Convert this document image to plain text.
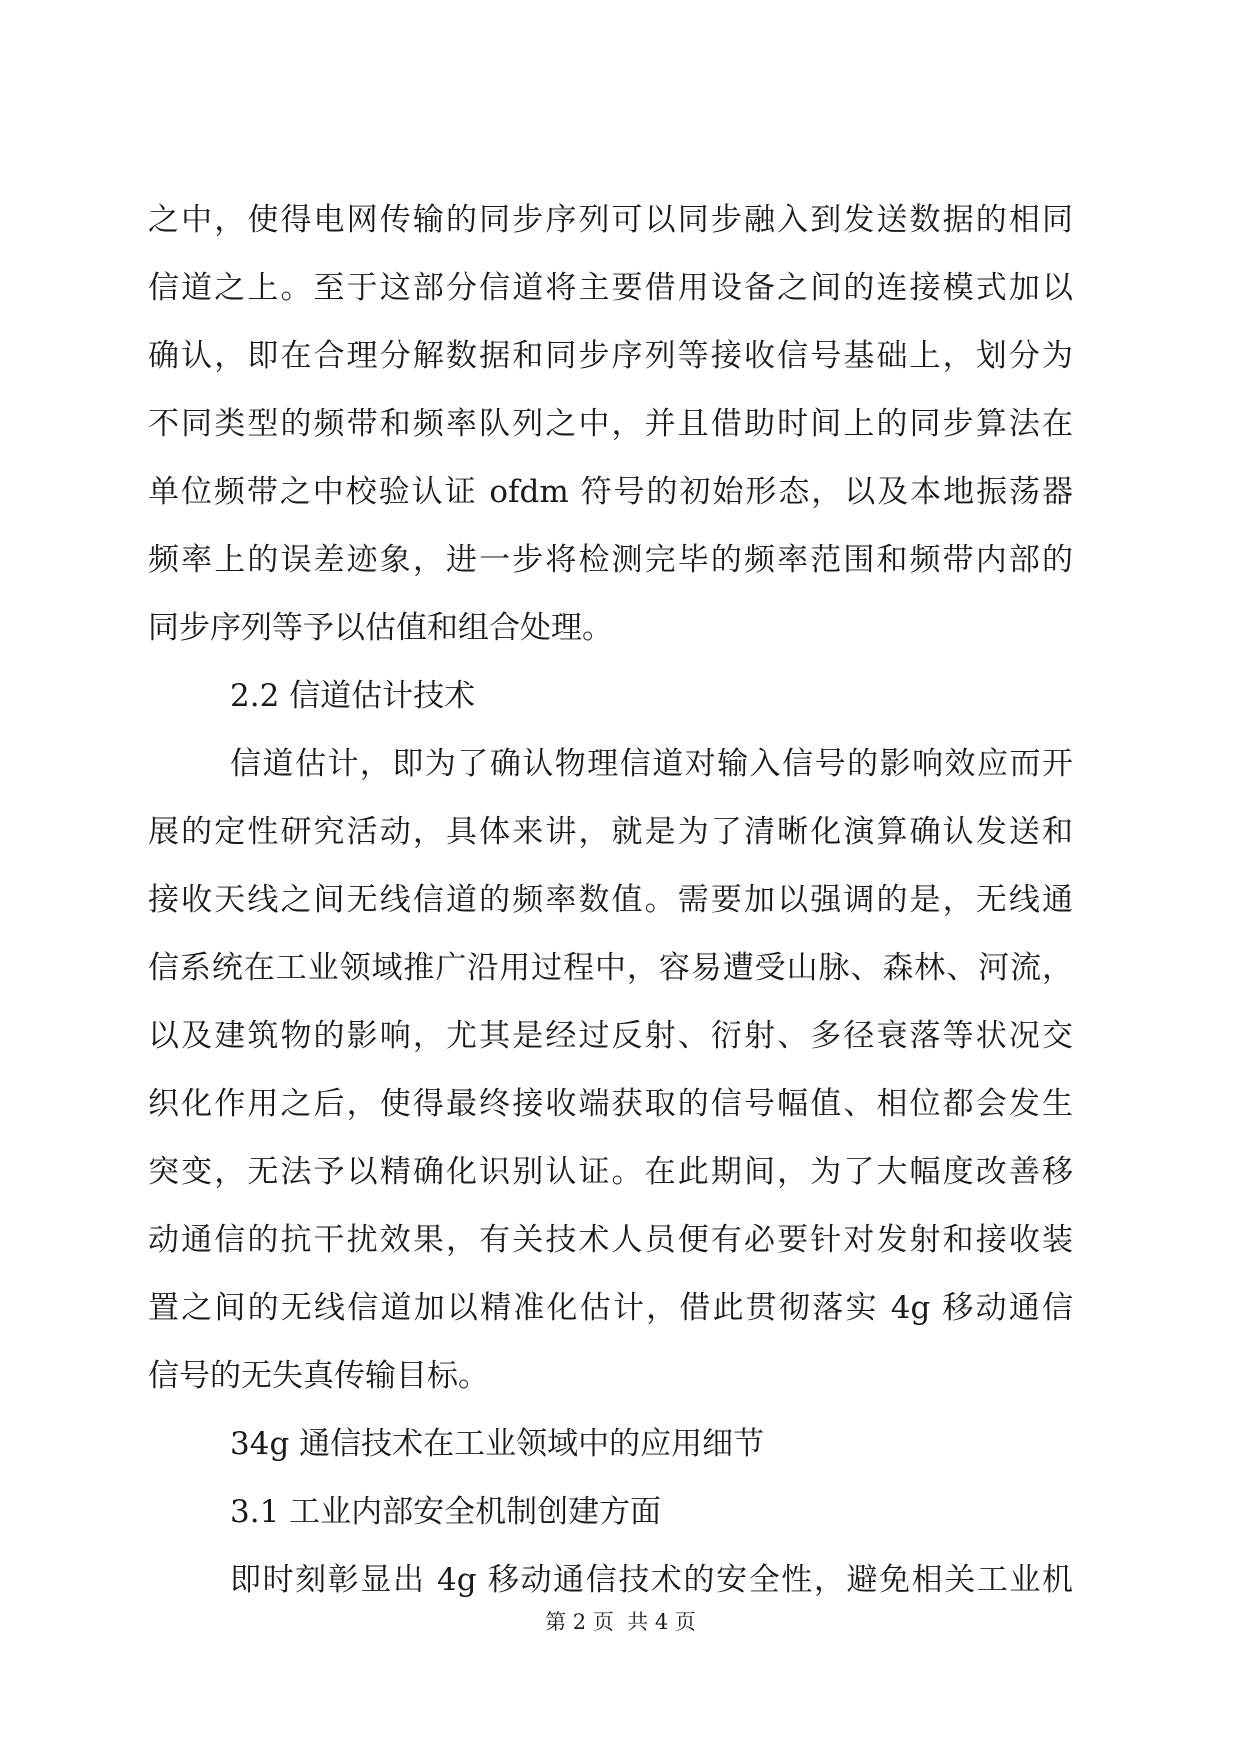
之中，使得电网传输的同步序列可以同步融入到发送数据的相同
信道之上。至于这部分信道将主要借用设备之间的连接模式加以
确认，即在合理分解数据和同步序列等接收信号基础上，划分为
不同类型的频带和频率队列之中，并且借助时间上的同步算法在
单位频带之中校验认证 ofdm 符号的初始形态，以及本地振荡器
频率上的误差迹象，进一步将检测完毕的频率范围和频带内部的
同步序列等予以估值和组合处理。
2.2 信道估计技术
信道估计，即为了确认物理信道对输入信号的影响效应而开
展的定性研究活动，具体来讲，就是为了清晰化演算确认发送和
接收天线之间无线信道的频率数值。需要加以强调的是，无线通
信系统在工业领域推广沿用过程中，容易遭受山脉、森林、河流，
以及建筑物的影响，尤其是经过反射、衍射、多径衰落等状况交
织化作用之后，使得最终接收端获取的信号幅值、相位都会发生
突变，无法予以精确化识别认证。在此期间，为了大幅度改善移
动通信的抗干扰效果，有关技术人员便有必要针对发射和接收装
置之间的无线信道加以精准化估计，借此贯彻落实 4g 移动通信
信号的无失真传输目标。
34g 通信技术在工业领域中的应用细节
3.1 工业内部安全机制创建方面
即时刻彰显出 4g 移动通信技术的安全性，避免相关工业机
第 2 页  共 4 页
